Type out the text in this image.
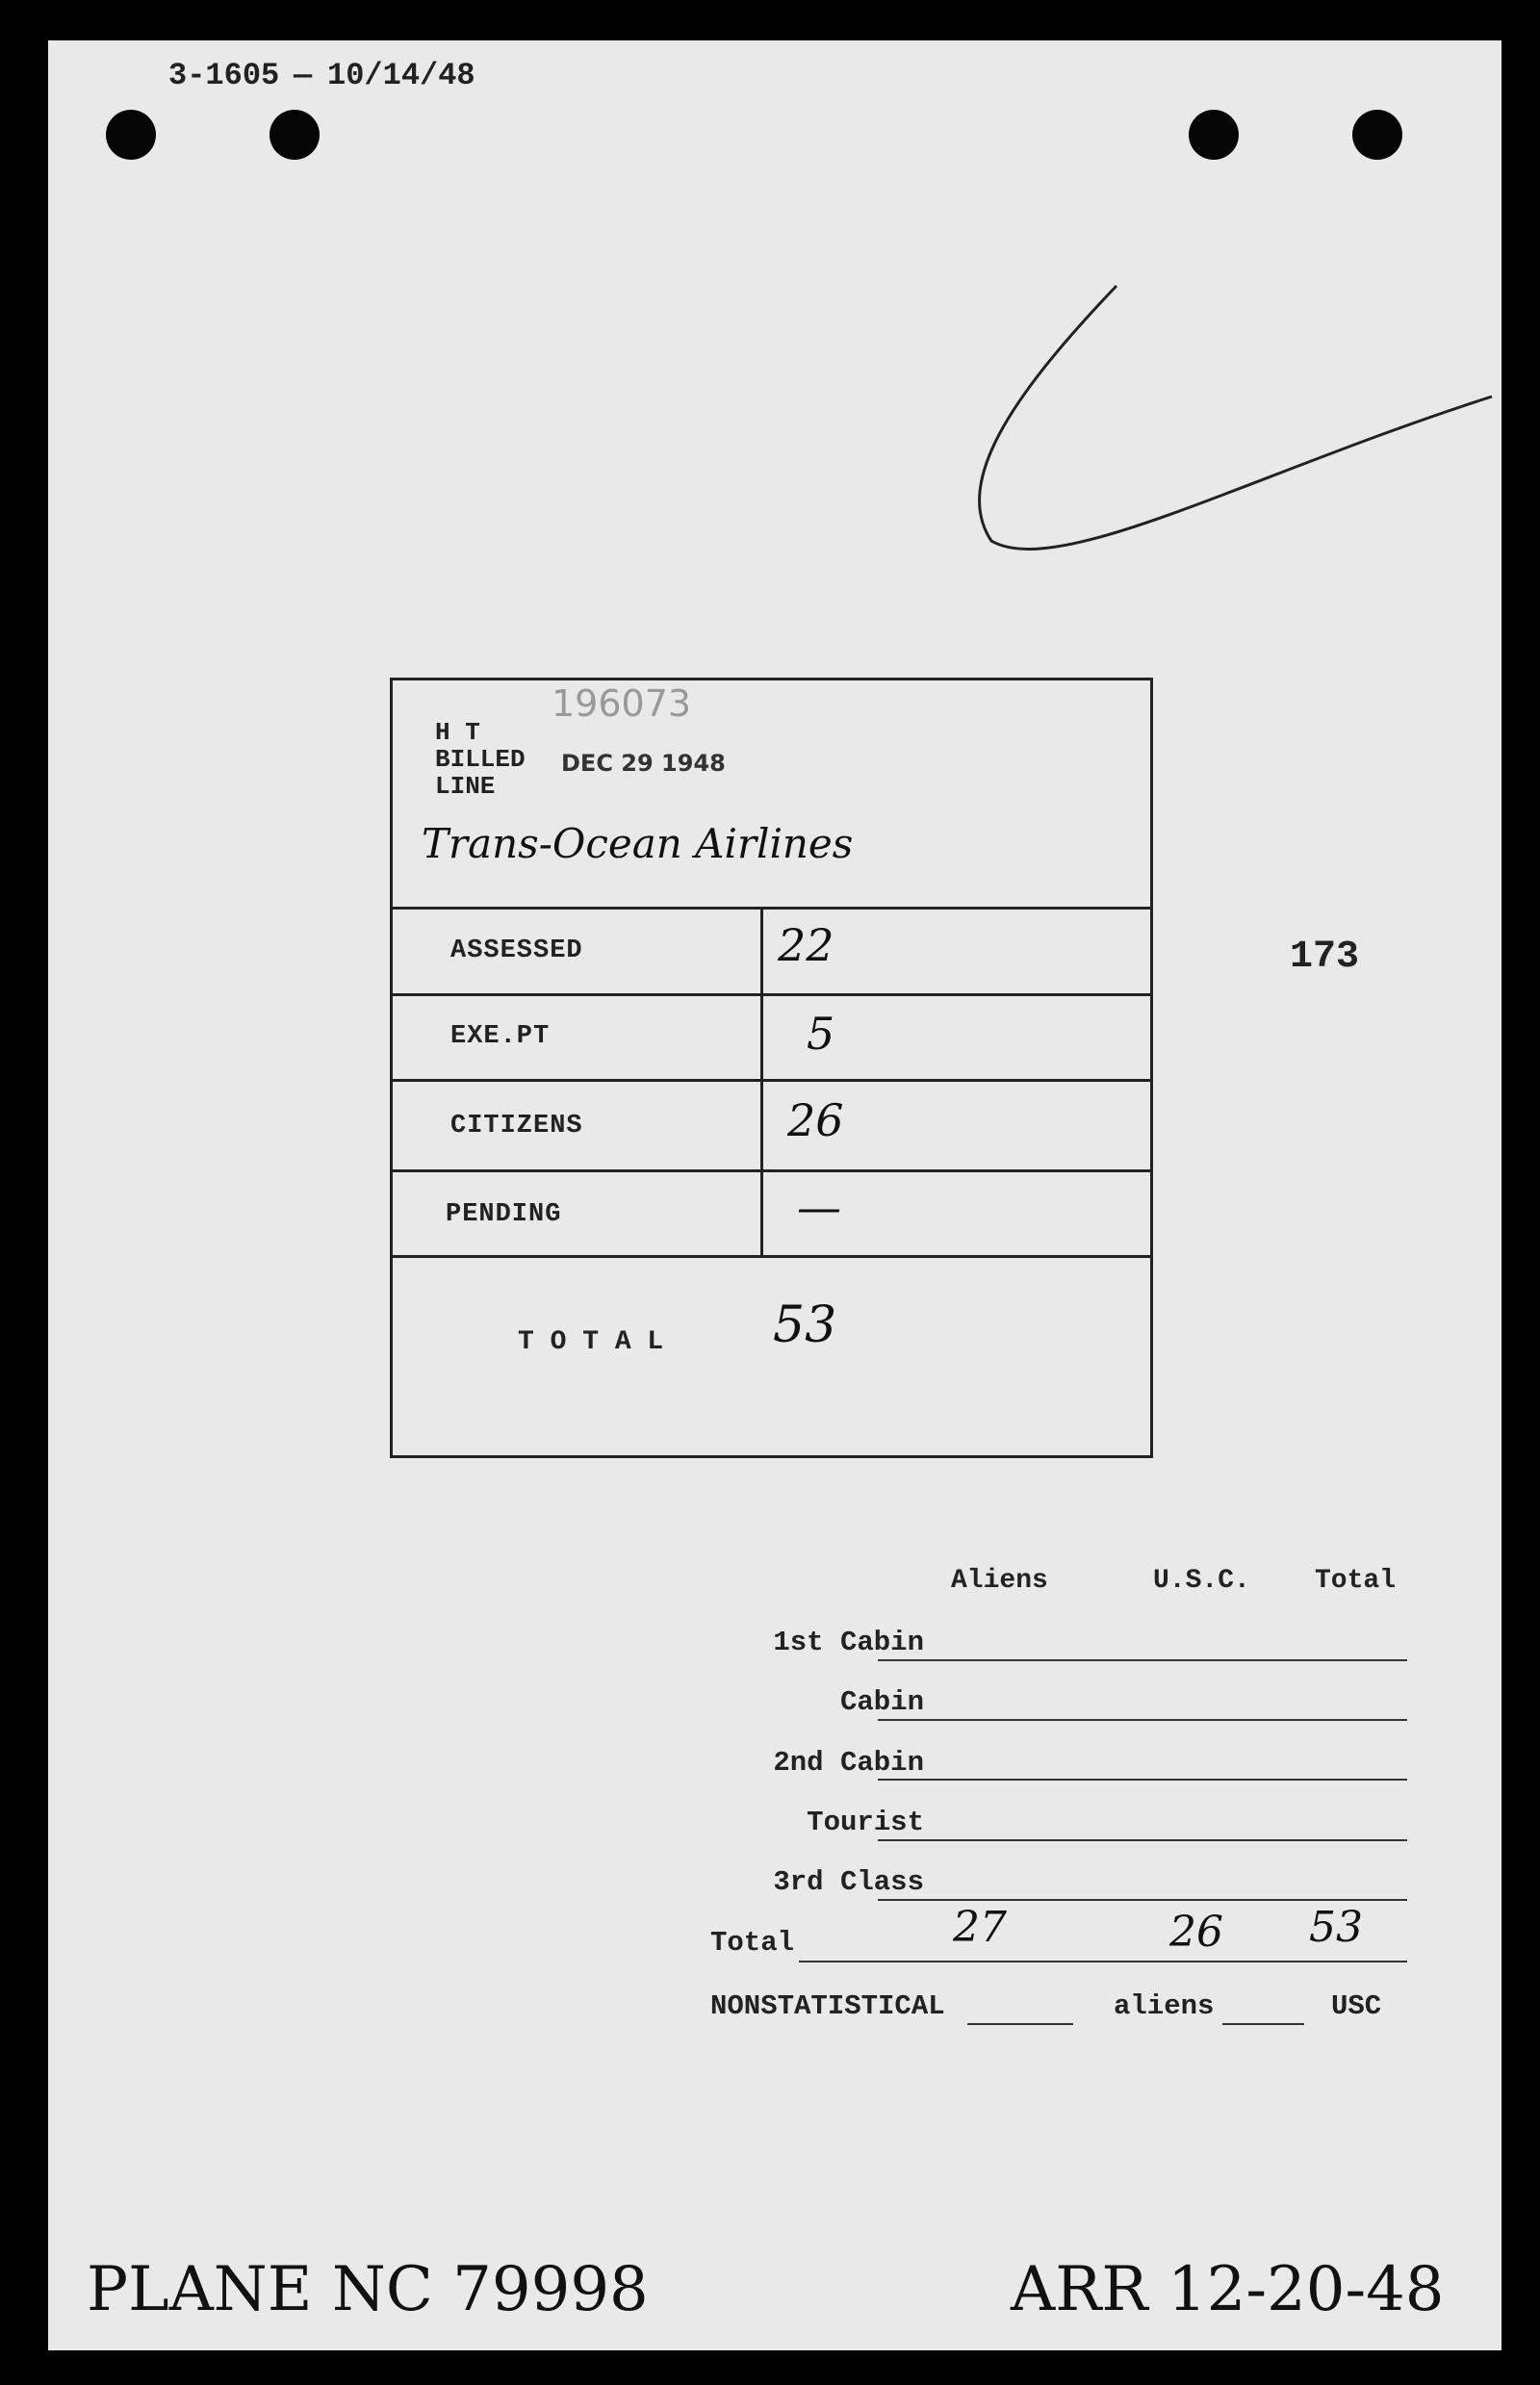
3-1605 — 10/14/48
196073
H T
BILLED
LINE
DEC 29 1948
Trans-Ocean Airlines
ASSESSED	22
EXE.PT	5
CITIZENS	26
PENDING	—
T O T A L 53
173
Aliens	U.S.C. Total
1st Cabin
Cabin
2nd Cabin
Tourist
3rd Class
Total	27	26 53
NONSTATISTICAL	aliens	USC
PLANE NC 79998	ARR 12-20-48
